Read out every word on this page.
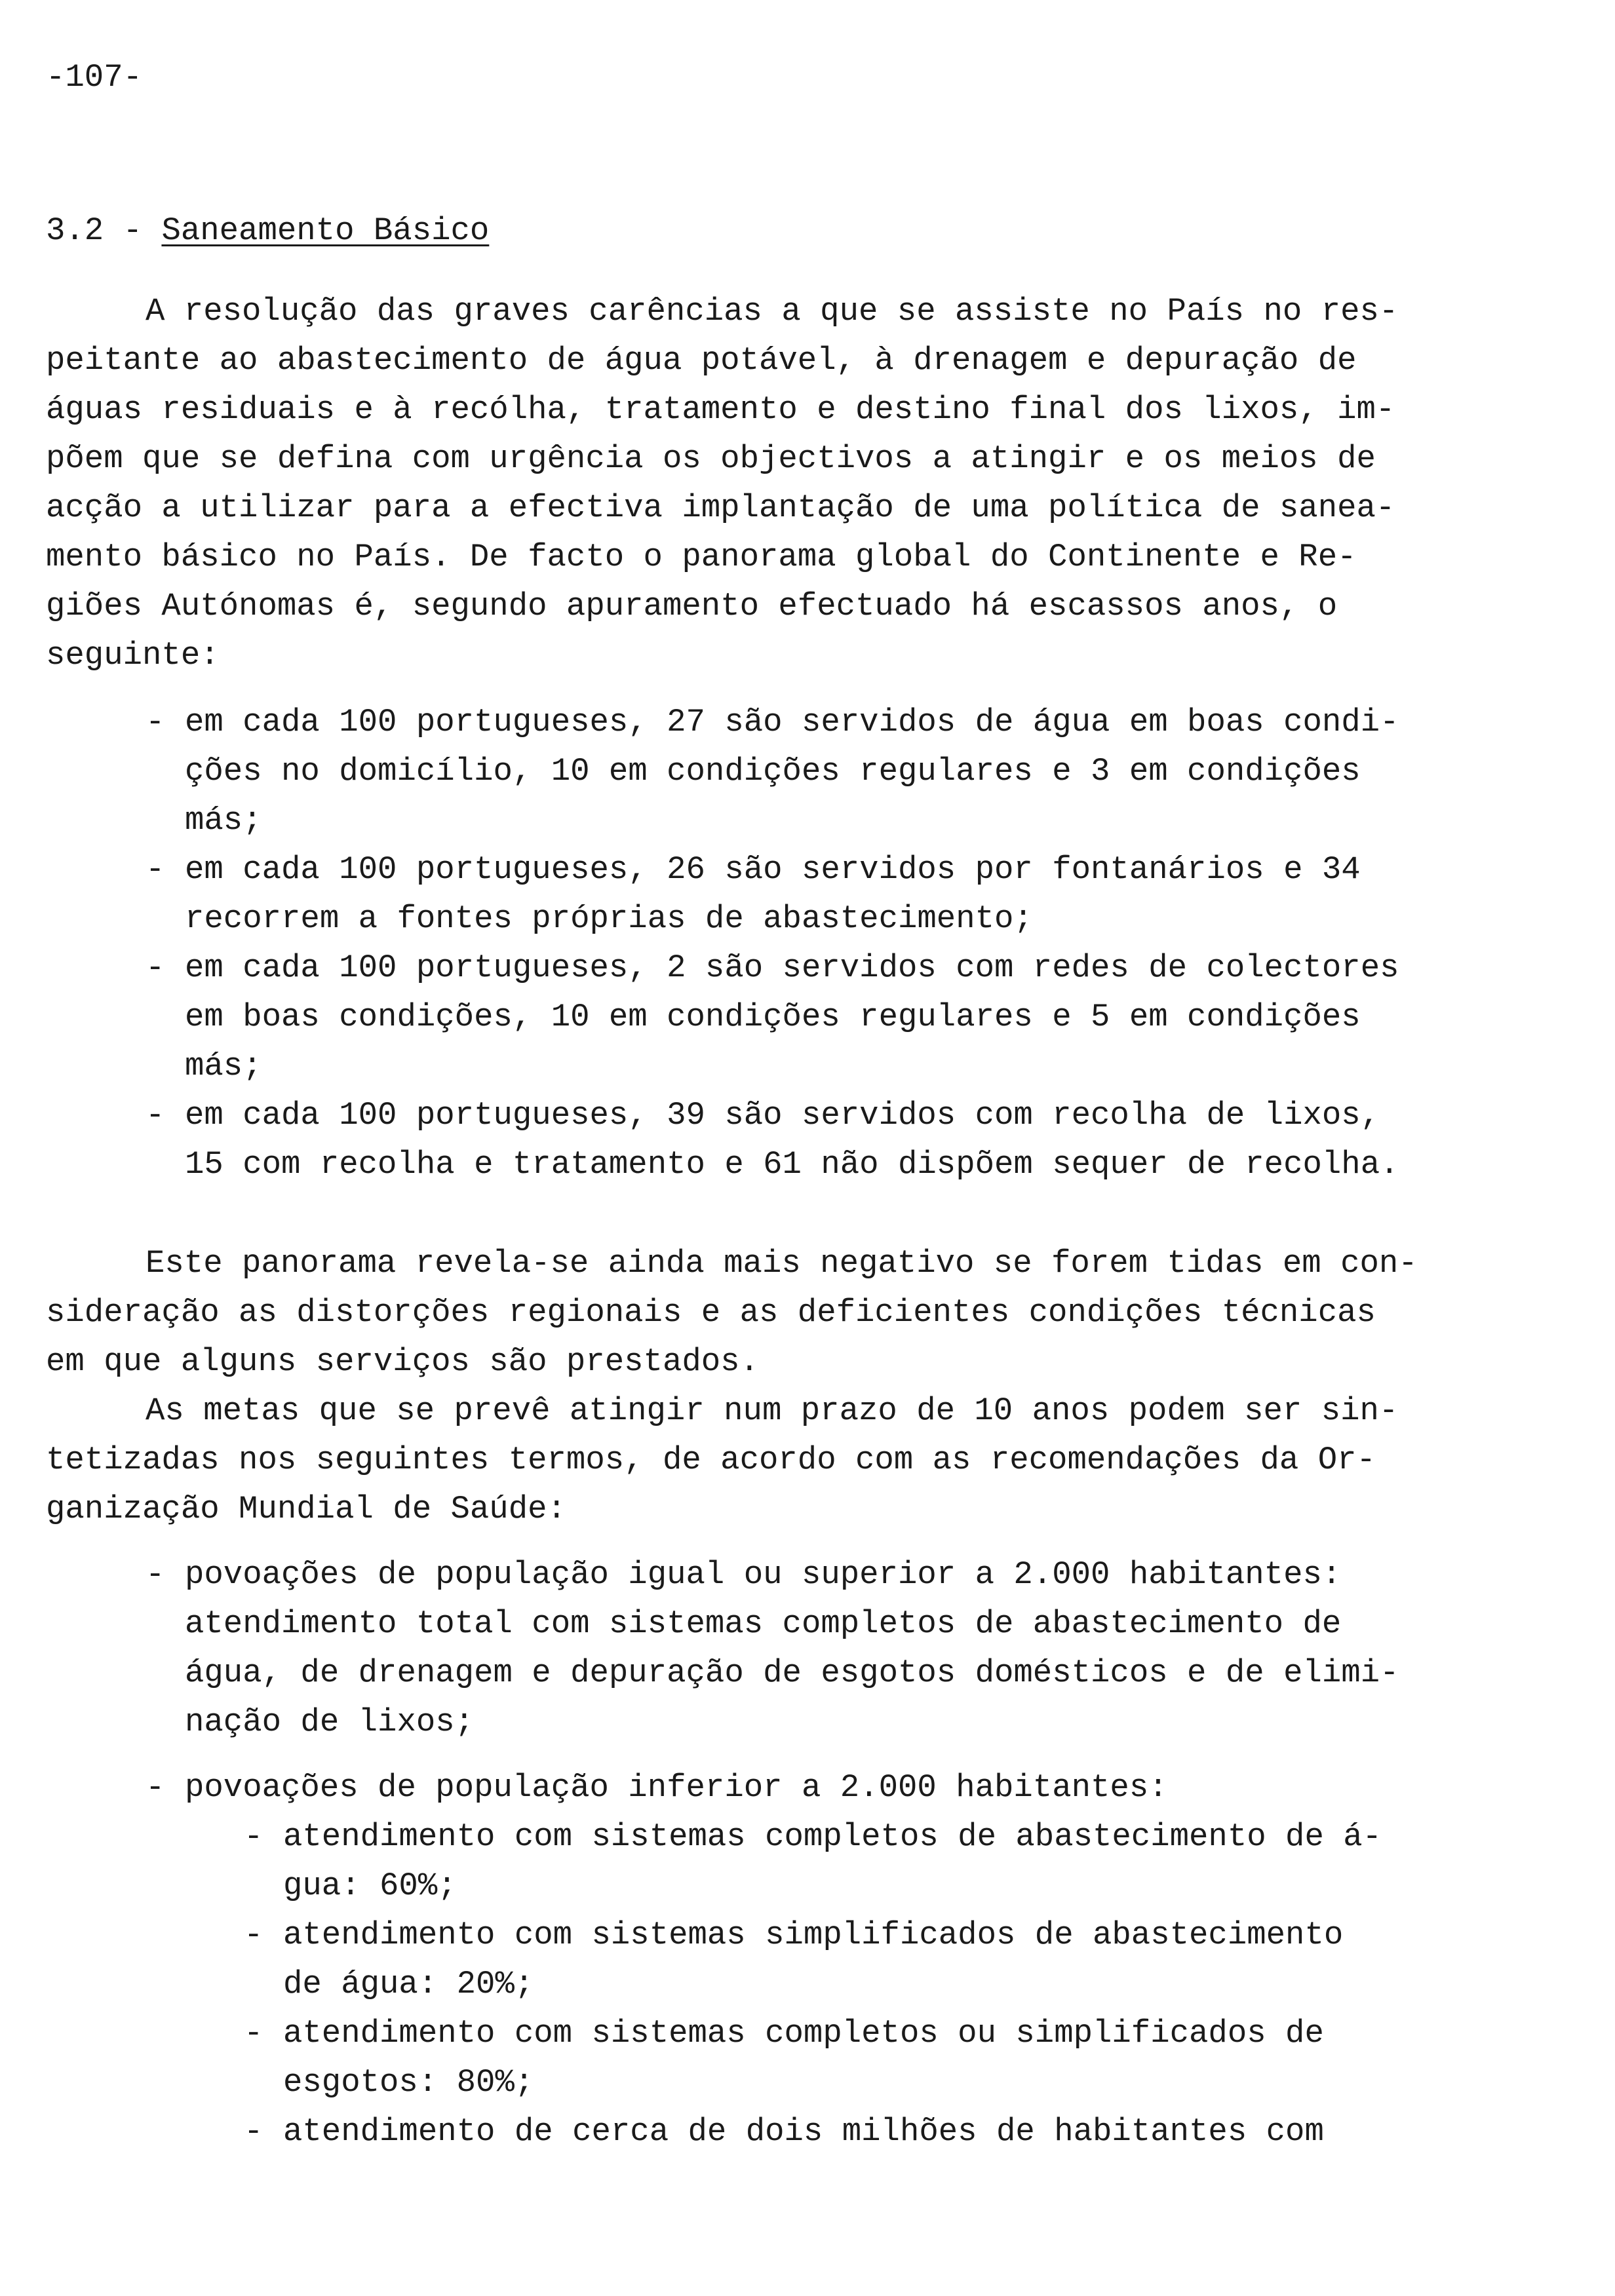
-107-
3.2 - Saneamento Básico
A resolução das graves carências a que se assiste no País no res-
peitante ao abastecimento de água potável, à drenagem e depuração de
águas residuais e à recólha, tratamento e destino final dos lixos, im-
põem que se defina com urgência os objectivos a atingir e os meios de
acção a utilizar para a efectiva implantação de uma política de sanea-
mento básico no País. De facto o panorama global do Continente e Re-
giões Autónomas é, segundo apuramento efectuado há escassos anos, o
seguinte:
- em cada 100 portugueses, 27 são servidos de água em boas condi-
ções no domicílio, 10 em condições regulares e 3 em condições
más;
- em cada 100 portugueses, 26 são servidos por fontanários e 34
recorrem a fontes próprias de abastecimento;
- em cada 100 portugueses, 2 são servidos com redes de colectores
em boas condições, 10 em condições regulares e 5 em condições
más;
- em cada 100 portugueses, 39 são servidos com recolha de lixos,
15 com recolha e tratamento e 61 não dispõem sequer de recolha.
Este panorama revela-se ainda mais negativo se forem tidas em con-
sideração as distorções regionais e as deficientes condições técnicas
em que alguns serviços são prestados.
As metas que se prevê atingir num prazo de 10 anos podem ser sin-
tetizadas nos seguintes termos, de acordo com as recomendações da Or-
ganização Mundial de Saúde:
- povoações de população igual ou superior a 2.000 habitantes:
atendimento total com sistemas completos de abastecimento de
água, de drenagem e depuração de esgotos domésticos e de elimi-
nação de lixos;
- povoações de população inferior a 2.000 habitantes:
- atendimento com sistemas completos de abastecimento de á-
gua: 60%;
- atendimento com sistemas simplificados de abastecimento
de água: 20%;
- atendimento com sistemas completos ou simplificados de
esgotos: 80%;
- atendimento de cerca de dois milhões de habitantes com
